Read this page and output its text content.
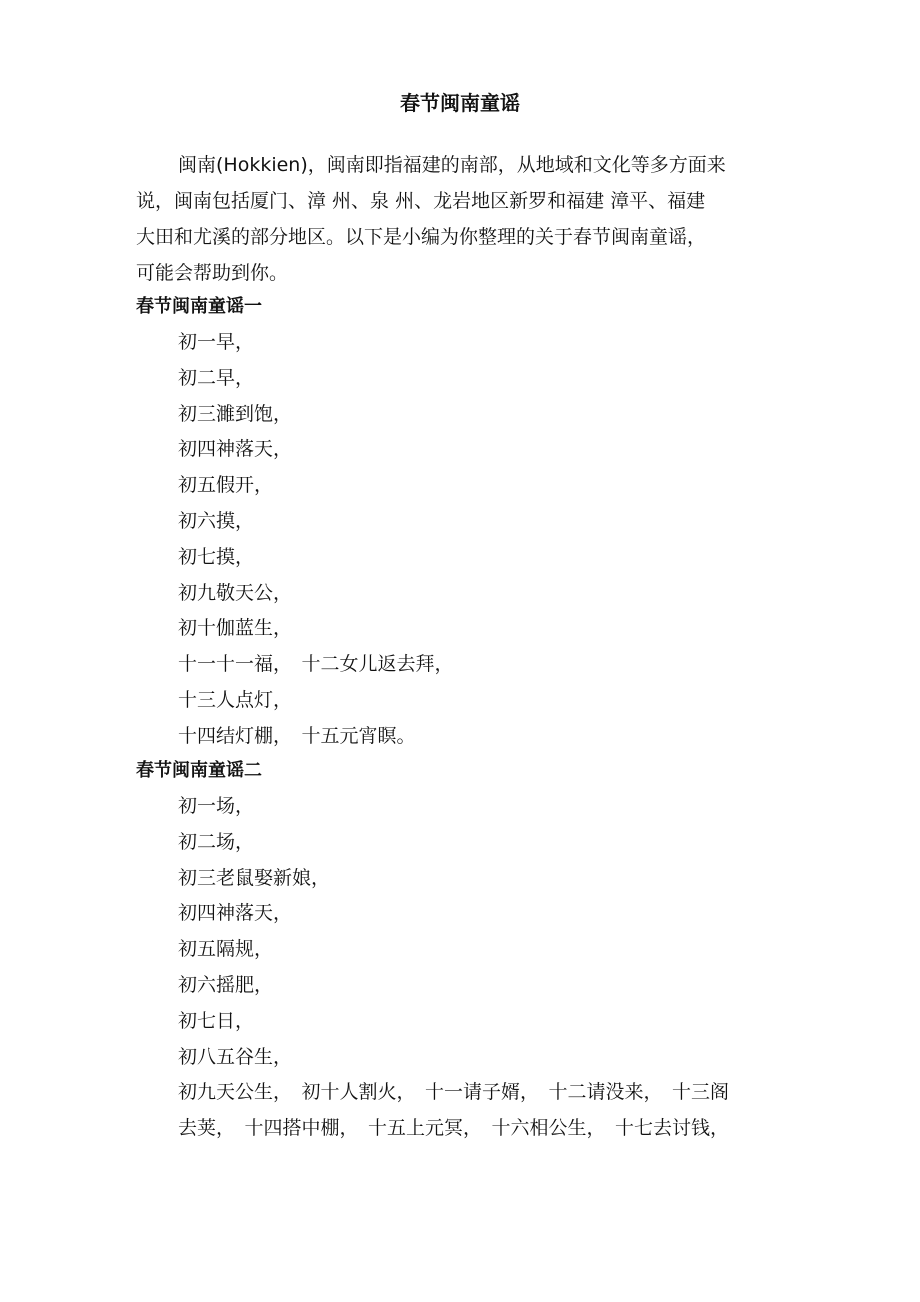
春节闽南童谣

闽南(Hokkien)，闽南即指福建的南部，从地域和文化等多方面来

说，闽南包括厦门、漳 州、泉 州、龙岩地区新罗和福建 漳平、福建

大田和尤溪的部分地区。以下是小编为你整理的关于春节闽南童谣，

可能会帮助到你。

春节闽南童谣一
初一早，
初二早，
初三濉到饱，
初四神落天，
初五假开，
初六摸，
初七摸，
初九敬天公，
初十伽蓝生，
十一十一福，　十二女儿返去拜，
十三人点灯，
十四结灯棚，　十五元宵瞑。
春节闽南童谣二
初一场，
初二场，
初三老鼠娶新娘，
初四神落天，
初五隔规，
初六摇肥，
初七日，
初八五谷生，
初九天公生，　初十人割火，　十一请子婿，　十二请没来，　十三阁
去荚，　十四搭中棚，　十五上元冥，　十六相公生，　十七去讨钱，
